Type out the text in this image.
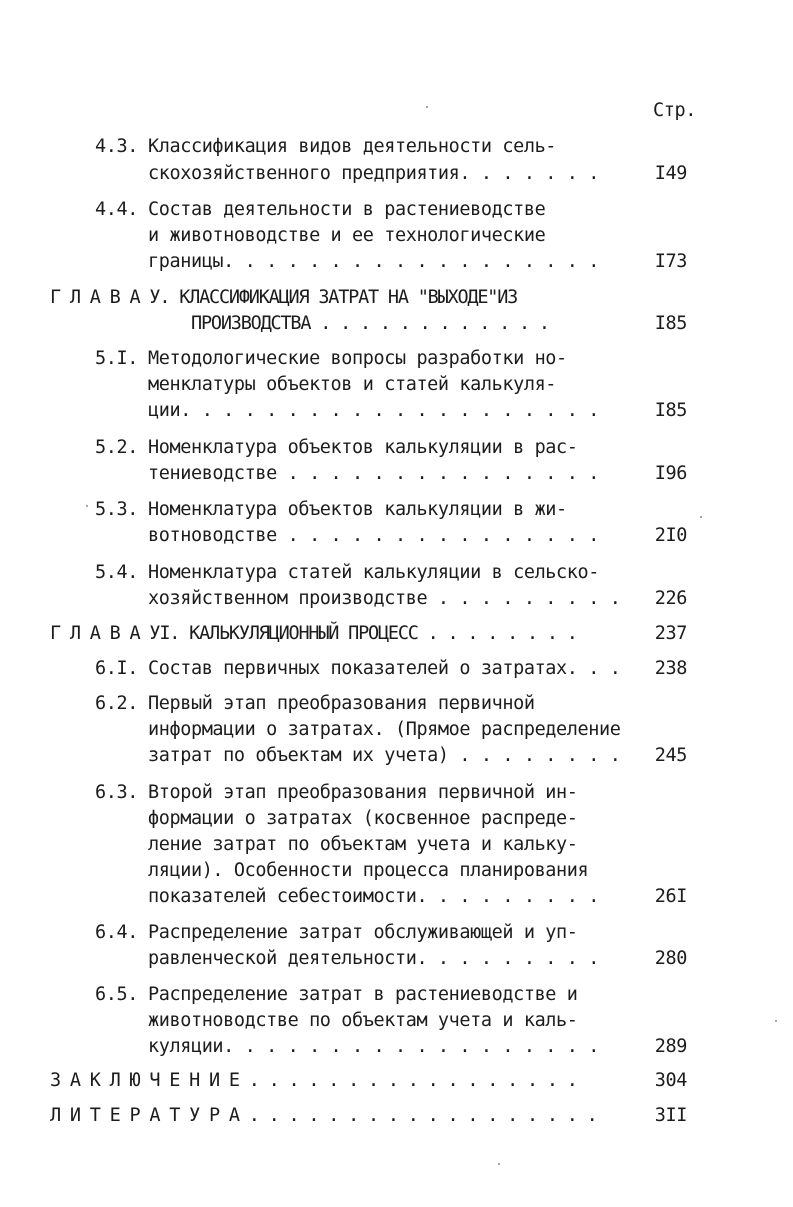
Стр.
4.3. Классификация видов деятельности сель-
скохозяйственного предприятия. . . . . . .	I49
4.4. Состав деятельности в растениеводстве
и животноводстве и ее технологические
границы. . . . . . . . . . . . . . . . . .	I73
Г Л А В А У. КЛАССИФИКАЦИЯ ЗАТРАТ НА "ВЫХОДЕ"ИЗ
ПРОИЗВОДСТВА . . . . . . . . . . . .	I85
5.I. Методологические вопросы разработки но-
менклатуры объектов и статей калькуля-
ции. . . . . . . . . . . . . . . . . . . .	I85
5.2. Номенклатура объектов калькуляции в рас-
тениеводстве . . . . . . . . . . . . . . .	I96
5.3. Номенклатура объектов калькуляции в жи-
вотноводстве . . . . . . . . . . . . . . .	2I0
5.4. Номенклатура статей калькуляции в сельско-
хозяйственном производстве . . . . . . . . . 226
Г Л А В А УI. КАЛЬКУЛЯЦИОННЫЙ ПРОЦЕСС . . . . . . . .	237
6.I. Состав первичных показателей о затратах. . . 238
6.2. Первый этап преобразования первичной
информации о затратах. (Прямое распределение
затрат по объектам их учета) . . . . . . . . 245
6.3. Второй этап преобразования первичной ин-
формации о затратах (косвенное распреде-
ление затрат по объектам учета и кальку-
ляции). Особенности процесса планирования
показателей себестоимости. . . . . . . . .	26I
6.4. Распределение затрат обслуживающей и уп-
равленческой деятельности. . . . . . . . .	280
6.5. Распределение затрат в растениеводстве и
животноводстве по объектам учета и каль-
куляции. . . . . . . . . . . . . . . . . .	289
З А К Л Ю Ч Е Н И Е . . . . . . . . . . . . . . . . .	304
Л И Т Е Р А Т У Р А . . . . . . . . . . . . . . . . . .	3II
